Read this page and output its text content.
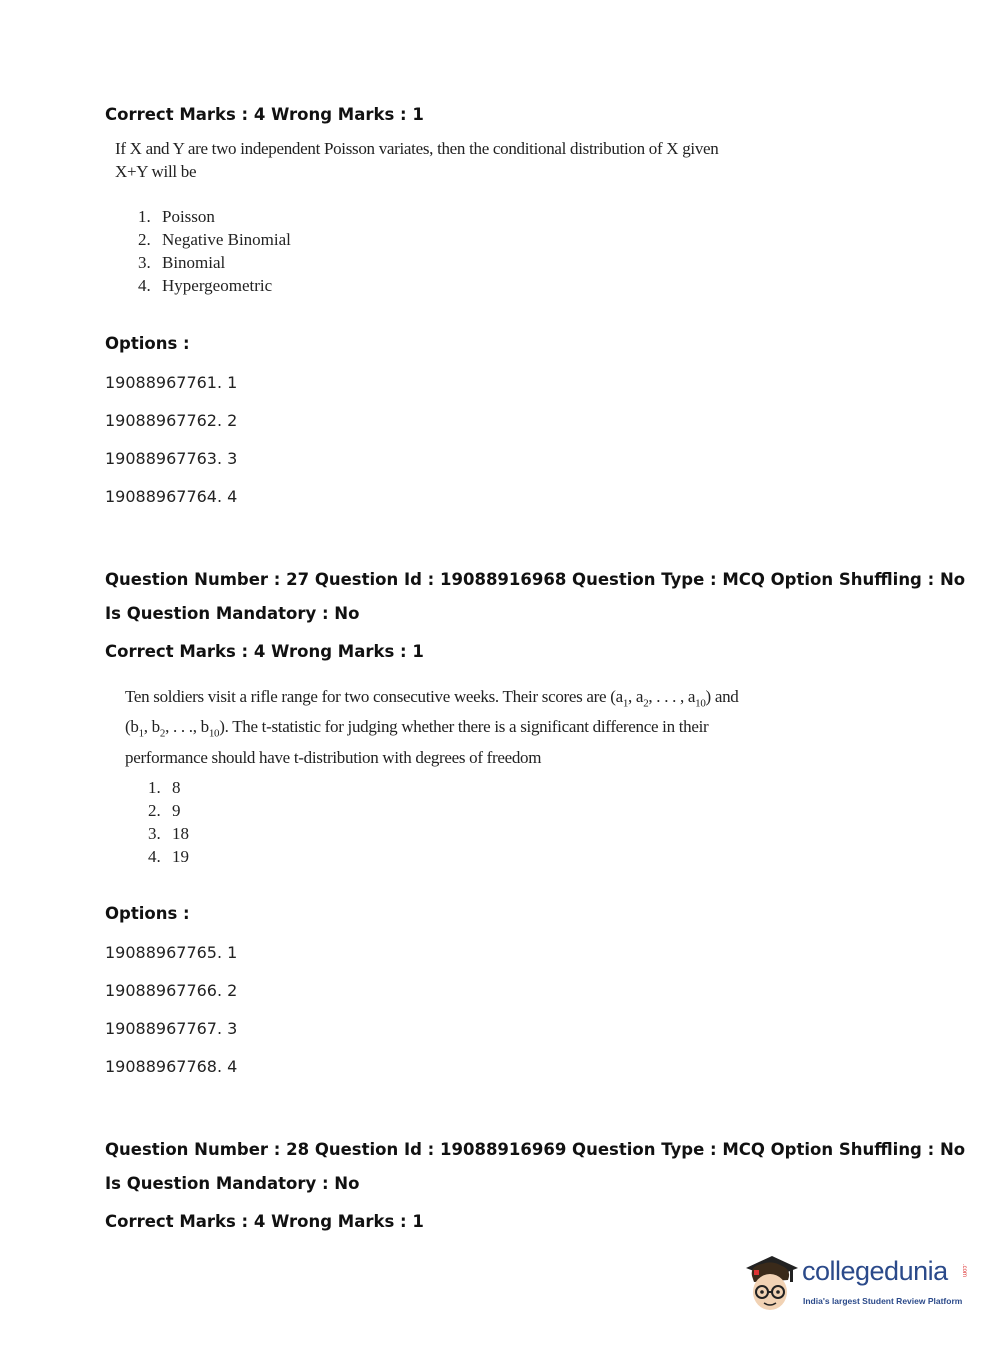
Correct Marks : 4 Wrong Marks : 1
If X and Y are two independent Poisson variates, then the conditional distribution of X given
X+Y will be
1. Poisson
2. Negative Binomial
3. Binomial
4. Hypergeometric
Options :
19088967761. 1
19088967762. 2
19088967763. 3
19088967764. 4
Question Number : 27 Question Id : 19088916968 Question Type : MCQ Option Shuffling : No
Is Question Mandatory : No
Correct Marks : 4 Wrong Marks : 1
Ten soldiers visit a rifle range for two consecutive weeks. Their scores are ($a_1$, $a_2$, . . . , $a_{10}$) and
($b_1$, $b_2$, . . ., $b_{10}$). The t-statistic for judging whether there is a significant difference in their
performance should have t-distribution with degrees of freedom
1. 8
2. 9
3. 18
4. 19
Options :
19088967765. 1
19088967766. 2
19088967767. 3
19088967768. 4
Question Number : 28 Question Id : 19088916969 Question Type : MCQ Option Shuffling : No
Is Question Mandatory : No
Correct Marks : 4 Wrong Marks : 1
collegedunia .com
India's largest Student Review Platform
